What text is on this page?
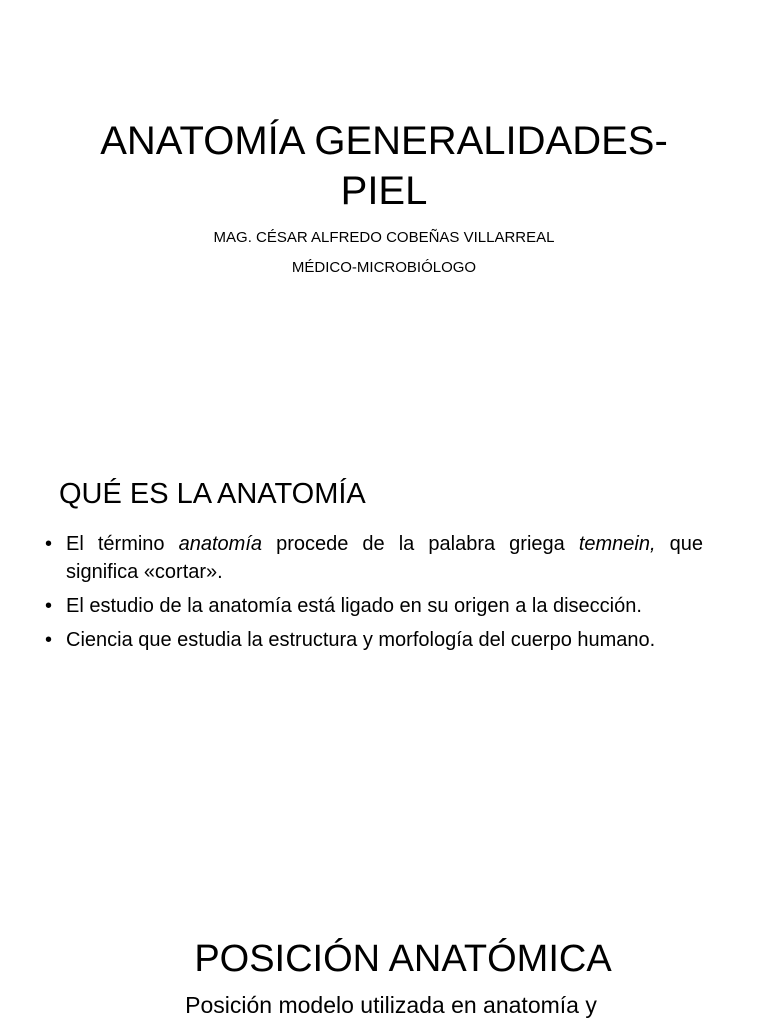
ANATOMÍA GENERALIDADES-
PIEL

MAG. CÉSAR ALFREDO COBEÑAS VILLARREAL

MÉDICO-MICROBIÓLOGO

QUÉ ES LA ANATOMÍA
• El término anatomía procede de la palabra griega temnein, que significa «cortar».
• El estudio de la anatomía está ligado en su origen a la disección.
• Ciencia que estudia la estructura y morfología del cuerpo humano.
POSICIÓN ANATÓMICA

Posición modelo utilizada en anatomía y
